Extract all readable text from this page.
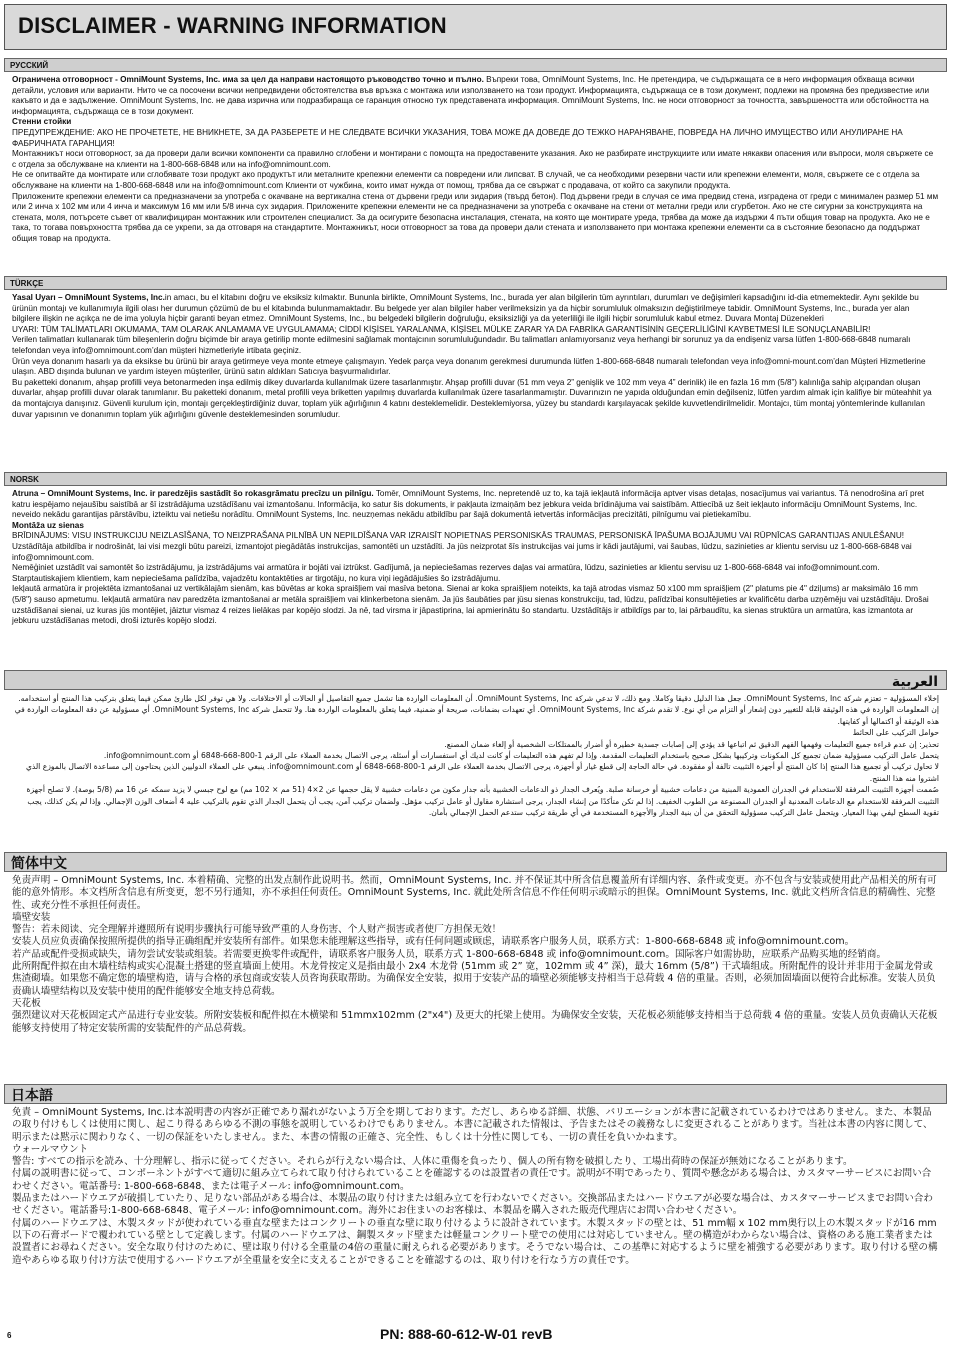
DISCLAIMER - WARNING INFORMATION
РУССКИЙ

Ограничена отговорност - OmniMount Systems, Inc. има за цел да направи настоящото ръководство точно и пълно. Въпреки това, OmniMount Systems, Inc. Не претендира, че съдържащата се в него информация обхваща всички детайли, условия или варианти. Нито че са посочени всички непредвидени обстоятелства във връзка с монтажа или използването на този продукт. Информацията, съдържаща се в този документ, подлежи на промяна без предизвестие или какъвто и да е задължение. OmniMount Systems, Inc. не дава изрична или подразбираща се гаранция относно тук представената информация. OmniMount Systems, Inc. не носи отговорност за точността, завършеността или обстойността на информацията, съдържаща се в този документ.

Стенни стойки

ПРЕДУПРЕЖДЕНИЕ: АКО НЕ ПРОЧЕТЕТЕ, НЕ ВНИКНЕТЕ, ЗА ДА РАЗБЕРЕТЕ И НЕ СЛЕДВАТЕ ВСИЧКИ УКАЗАНИЯ, ТОВА МОЖЕ ДА ДОВЕДЕ ДО ТЕЖКО НАРАНЯВАНЕ, ПОВРЕДА НА ЛИЧНО ИМУЩЕСТВО ИЛИ АНУЛИРАНЕ НА ФАБРИЧНАТА ГАРАНЦИЯ!

Монтажникът носи отговорност, за да провери дали всички компоненти са правилно сглобени и монтирани с помощта на предоставените указания. Ако не разбирате инструкциите или имате някакви опасения или въпроси, моля свържете се с отдела за обслужване на клиенти на 1-800-668-6848 или на info@omnimount.com.

Не се опитвайте да монтирате или сглобявате този продукт ако продуктът или металните крепежни елементи са повредени или липсват. В случай, че са необходими резервни части или крепежни елементи, моля, свържете се с отдела за обслужване на клиенти на 1-800-668-6848 или на info@omnimount.com Клиенти от чужбина, които имат нужда от помощ, трябва да се свържат с продавача, от който са закупили продукта.

Приложените крепежни елементи са предназначени за употреба с окачване на вертикална стена от дървени греди или зидария (твърд бетон). Под дървени греди в случая се има предвид стена, изградена от греди с минимален размер 51 мм или 2 инча x 102 мм или 4 инча и максимум 16 мм или 5/8 инча сух зидария. Приложените крепежни елементи не са предназначени за употреба с окачване на стени от метални греди или сгурбетон. Ако не сте сигурни за конструкцията на стената, моля, потърсете съвет от квалифициран монтажник или строителен специалист. За да осигурите безопасна инсталация, стената, на която ще монтирате уреда, трябва да може да издържи 4 пъти общия товар на продукта. Ако не е така, то тогава повърхността трябва да се укрепи, за да отговаря на стандартите. Монтажникът, носи отговорност за това да провери дали стената и използването при монтажа крепежни елементи са в състояние безопасно да поддържат общия товар на продукта.

TÜRKÇE

Yasal Uyarı – OmniMount Systems, Inc.in amacı, bu el kitabını doğru ve eksiksiz kılmaktır. Bununla birlikte, OmniMount Systems, Inc., burada yer alan bilgilerin tüm ayrıntıları, durumları ve değişimleri kapsadığını id-dia etmemektedir. Aynı şekilde bu ürünün montajı ve kullanımıyla ilgili olası her durumun çözümü de bu el kitabında bulunmamaktadır. Bu belgede yer alan bilgiler haber verilmeksizin ya da hiçbir sorumluluk olmaksızın değiştirilmeye tabidir. OmniMount Systems, Inc., burada yer alan bilgilere ilişkin ne açıkça ne de ima yoluyla hiçbir garanti beyan etmez. OmniMount Systems, Inc., bu belgedeki bilgilerin doğruluğu, eksiksizliği ya da yeterliliği ile ilgili hiçbir sorumluluk kabul etmez. Duvara Montaj Düzenekleri

UYARI: TÜM TALİMATLARI OKUMAMA, TAM OLARAK ANLAMAMA VE UYGULAMAMA; CİDDİ KİŞİSEL YARALANMA, KİŞİSEL MÜLKE ZARAR YA DA FABRİKA GARANTİSİNİN GEÇERLİLİĞİNİ KAYBETMESİ İLE SONUÇLANABİLİR!

Verilen talimatları kullanarak tüm bileşenlerin doğru biçimde bir araya getirilip monte edilmesini sağlamak montajcının sorumluluğundadır. Bu talimatları anlamıyorsanız veya herhangi bir sorunuz ya da endişeniz varsa lütfen 1-800-668-6848 numaralı telefondan veya info@omnimount.com’dan müşteri hizmetleriyle irtibata geçiniz.

Ürün veya donanım hasarlı ya da eksikse bu ürünü bir araya getirmeye veya monte etmeye çalışmayın. Yedek parça veya donanım gerekmesi durumunda lütfen 1-800-668-6848 numaralı telefondan veya info@omni-mount.com’dan Müşteri Hizmetlerine ulaşın. ABD dışında bulunan ve yardım isteyen müşteriler, ürünü satın aldıkları Satıcıya başvurmalıdırlar.

Bu paketteki donanım, ahşap profilli veya betonarmeden inşa edilmiş dikey duvarlarda kullanılmak üzere tasarlanmıştır. Ahşap profilli duvar (51 mm veya 2” genişlik ve 102 mm veya 4” derinlik) ile en fazla 16 mm (5/8”) kalınlığa sahip alçıpandan oluşan duvarlar, ahşap profilli duvar olarak tanımlanır. Bu paketteki donanım, metal profilli veya briketten yapılmış duvarlarda kullanılmak üzere tasarlanmamıştır. Duvarınızın ne yapıda olduğundan emin değilseniz, lütfen yardım almak için kalifiye bir müteahhit ya da montajcıya danışınız. Güvenli kurulum için, montajı gerçekleştirdiğiniz duvar, toplam yük ağırlığının 4 katını desteklemelidir. Desteklemiyorsa, yüzey bu standardı karşılayacak şekilde kuvvetlendirilmelidir. Montajcı, tüm montaj yöntemlerinde kullanılan duvar yapısının ve donanımın toplam yük ağırlığını güvenle desteklemesinden sorumludur.

NORSK

Atruna – OmniMount Systems, Inc. ir paredzējis sastādīt šo rokasgrāmatu precīzu un pilnīgu. Tomēr, OmniMount Systems, Inc. nepretendē uz to, ka tajā iekļautā informācija aptver visas detaļas, nosacījumus vai variantus. Tā nenodrošina arī pret katru iespējamo nejaušību saistībā ar šī izstrādājuma uzstādīšanu vai izmantošanu. Informācija, ko satur šis dokuments, ir pakļauta izmaiņām bez jebkura veida brīdinājuma vai saistībām. Attiecībā uz šeit iekļauto informāciju OmniMount Systems, Inc. neveido nekādu garantijas pārstāvību, izteiktu vai netiešu norādītu. OmniMount Systems, Inc. neuzņemas nekādu atbildību par šajā dokumentā ietvertās informācijas precizitāti, pilnīgumu vai pietiekamību.

Montāža uz sienas

BRĪDINĀJUMS: VISU INSTRUKCIJU NEIZLASĪŠANA, TO NEIZPRAŠANA PILNĪBĀ UN NEPILDĪŠANA VAR IZRAISĪT NOPIETNAS PERSONISKĀS TRAUMAS, PERSONISKĀ ĪPAŠUMA BOJĀJUMU VAI RŪPNĪCAS GARANTIJAS ANULĒŠANU!

Uzstādītāja atbildība ir nodrošināt, lai visi mezgli būtu pareizi, izmantojot piegādātās instrukcijas, samontēti un uzstādīti. Ja jūs neizprotat šīs instrukcijas vai jums ir kādi jautājumi, vai šaubas, lūdzu, sazinieties ar klientu servisu uz 1-800-668-6848 vai info@omnimount.com.

Nemēģiniet uzstādīt vai samontēt šo izstrādājumu, ja izstrādājums vai armatūra ir bojāti vai iztrūkst. Gadījumā, ja nepieciešamas rezerves daļas vai armatūra, lūdzu, sazinieties ar klientu servisu uz 1-800-668-6848 vai info@omnimount.com. Starptautiskajiem klientiem, kam nepieciešama palīdzība, vajadzētu kontaktēties ar tirgotāju, no kura viņi iegādājušies šo izstrādājumu.

Iekļautā armatūra ir projektēta izmantošanai uz vertikālajām sienām, kas būvētas ar koka spraišļiem vai masīva betona. Sienai ar koka spraišļiem noteikts, ka tajā atrodas vismaz 50 x100 mm spraišļiem (2" platums pie 4" dziļums) ar maksimālo 16 mm (5/8") sauso apmetumu. Iekļautā armatūra nav paredzēta izmantošanai ar metāla spraišļiem vai klinkerbetona sienām. Ja jūs šaubāties par jūsu sienas konstrukciju, tad, lūdzu, palīdzībai konsultējieties ar kvalificētu darba uzņēmēju vai uzstādītāju. Drošai uzstādīšanai sienai, uz kuras jūs montējiet, jāiztur vismaz 4 reizes lielākas par kopējo slodzi. Ja nē, tad virsma ir jāpastiprina, lai apmierinātu šo standartu. Uzstādītājs ir atbildīgs par to, lai pārbaudītu, ka sienas struktūra un armatūra, kas izmantota ar jebkuru uzstādīšanas metodi, droši izturēs kopējo slodzi.

العربية

إخلاء المسؤولية – تعتزم شركة OmniMount Systems, Inc. جعل هذا الدليل دقيقا وكاملا. ومع ذلك، لا تدعي شركة OmniMount Systems, Inc. أن المعلومات الواردة هنا تشمل جميع التفاصيل أو الحالات أو الاختلافات. ولا هي توفر لكل طارئ ممكن فيما يتعلق بتركيب هذا المنتج أو استخدامه. إن المعلومات الواردة في هذه الوثيقة قابلة للتغيير دون إشعار أو التزام من أي نوع. لا تقدم شركة OmniMount Systems, Inc. أي تعهدات بضمانات، صريحة أو ضمنية، فيما يتعلق بالمعلومات الواردة هنا. ولا تتحمل شركة OmniMount Systems, Inc. أي مسؤولية عن دقة المعلومات الواردة في هذه الوثيقة أو اكتمالها أو كفايتها.

حوامل التركيب على الحائط

تحذير: إن عدم قراءة جميع التعليمات وفهمها الفهم الدقيق ثم اتباعها قد يؤدي إلى إصابات جسدية خطيرة أو أضرار بالممتلكات الشخصية أو إلغاء ضمان المصنع.

يتحمل عامل التركيب مسؤولية ضمان تجميع كل المكونات وتركيبها بشكل صحيح باستخدام التعليمات المقدمة. وإذا لم تفهم هذه التعليمات أو كانت لديك أي استفسارات أو أسئلة، يرجى الاتصال بخدمة العملاء على الرقم 1-800-668-6848 أو info@omnimount.com.

لا تحاول تركيب أو تجميع هذا المنتج إذا كان المنتج أو أجهزة التثبيت تالفة أو مفقودة. في حالة الحاجة إلى قطع غيار أو أجهزة، يرجى الاتصال بخدمة العملاء على الرقم 1-800-668-6848 أو info@omnimount.com. ينبغي على العملاء الدوليين الذين يحتاجون إلى مساعدة الاتصال بالموزع الذي اشتروا منه هذا المنتج.

صُممت أجهزة التثبيت المرفقة للاستخدام في الجدران العمودية المبنية من دعامات خشبية أو خرسانة صلبة. ويُعرف الجدار ذو الدعامات الخشبية بأنه جدار مكون من دعامات خشبية لا يقل حجمها عن 2×4 (51 مم × 102 مم) مع لوح جبسي لا يزيد سمكه عن 16 مم (5/8 بوصة). لا تصلح أجهزة التثبيت المرفقة للاستخدام مع الدعامات المعدنية أو الجدران المصنوعة من الطوب الخفيف. إذا لم تكن متأكدًا من إنشاء الجدار، يرجى استشارة مقاول أو عامل تركيب مؤهل. ولضمان تركيب آمن، يجب أن يتحمل الجدار الذي تقوم بالتركيب عليه 4 أضعاف الوزن الإجمالي. وإذا لم يكن كذلك، يجب تقوية السطح ليفي بهذا المعيار. ويتحمل عامل التركيب مسؤولية التحقق من أن بنية الجدار والأجهزة المستخدمة في أي طريقة تركيب ستدعم الحمل الإجمالي بأمان.

简体中文

免责声明 – OmniMount Systems, Inc. 本着精确、完整的出发点制作此说明书。然而，OmniMount Systems, Inc. 并不保证其中所含信息覆盖所有详细内容、条件或变更。亦不包含与安装或使用此产品相关的所有可能的意外情形。本文档所含信息有所变更，恕不另行通知，亦不承担任何责任。OmniMount Systems, Inc. 就此处所含信息不作任何明示或暗示的担保。OmniMount Systems, Inc. 就此文档所含信息的精确性、完整性、或充分性不承担任何责任。

墙壁安装

警告：若未阅读、完全理解并遵照所有说明步骤执行可能导致严重的人身伤害、个人财产损害或者使厂方担保无效！

安装人员应负责确保按照所提供的指导正确组配并安装所有部件。如果您未能理解这些指导，或有任何问题或顾虑，请联系客户服务人员，联系方式：1-800-668-6848 或 info@omnimount.com。

若产品或配件受损或缺失，请勿尝试安装或组装。若需要更换零件或配件，请联系客户服务人员，联系方式 1-800-668-6848 或 info@omnimount.com。国际客户如需协助，应联系产品购买地的经销商。

此所附配件拟在由木墙柱结构或实心混凝土搭建的竖直墙面上使用。木龙骨按定义是指由最小 2x4 木龙骨 (51mm 或 2” 宽，102mm 或 4” 深)，最大 16mm (5/8”) 干式墙组成。所附配件的设计并非用于金属龙骨或焦渣砌墙。如果您不确定您的墙壁构造，请与合格的承包商或安装人员咨询获取帮助。为确保安全安装，拟用于安装产品的墙壁必须能够支持相当于总荷载 4 倍的重量。否则，必须加固墙面以便符合此标准。安装人员负责确认墙壁结构以及安装中使用的配件能够安全地支持总荷载。

天花板

强烈建议对天花板固定式产品进行专业安装。所附安装板和配件拟在木横梁和 51mmx102mm (2"x4") 及更大的托梁上使用。为确保安全安装，天花板必须能够支持相当于总荷载 4 倍的重量。安装人员负责确认天花板能够支持使用了特定安装所需的安装配件的产品总荷载。

日本語

免責 – OmniMount Systems, Inc.は本説明書の内容が正確であり漏れがないよう万全を期しております。ただし、あらゆる詳細、状態、バリエーションが本書に記載されているわけではありません。また、本製品の取り付けもしくは使用に関し、起こり得るあらゆる不測の事態を説明しているわけでもありません。本書に記載された情報は、予告またはその義務なしに変更されることがあります。当社は本書の内容に関して、明示または黙示に関わりなく、一切の保証をいたしません。また、本書の情報の正確さ、完全性、もしくは十分性に関しても、一切の責任を負いかねます。

ウォールマウント

警告: すべての指示を読み、十分理解し、指示に従ってください。それらが行えない場合は、人体に重傷を負ったり、個人の所有物を破損したり、工場出荷時の保証が無効になることがあります。

付属の説明書に従って、コンポーネントがすべて適切に組み立てられて取り付けられていることを確認するのは設置者の責任です。説明が不明であったり、質問や懸念がある場合は、カスタマーサービスにお問い合わせください。電話番号: 1-800-668-6848、または電子メール: info@omnimount.com。

製品またはハードウエアが破損していたり、足りない部品がある場合は、本製品の取り付けまたは組み立てを行わないでください。交換部品またはハードウエアが必要な場合は、カスタマーサービスまでお問い合わせください。電話番号:1-800-668-6848、電子メール: info@omnimount.com。海外にお住まいのお客様は、本製品を購入された販売代理店にお問い合わせください。

付属のハードウエアは、木製スタッドが使われている垂直な壁またはコンクリートの垂直な壁に取り付けるように設計されています。木製スタッドの壁とは、51 mm幅 x 102 mm奥行以上の木製スタッドが16 mm以下の石膏ボードで覆われている壁として定義します。付属のハードウエアは、鋼製スタッド壁または軽量コンクリート壁での使用には対応していません。壁の構造がわからない場合は、資格のある施工業者または設置者にお尋ねください。安全な取り付けのために、壁は取り付ける全重量の4倍の重量に耐えられる必要があります。そうでない場合は、この基準に対応するように壁を補強する必要があります。取り付ける壁の構造やあらゆる取り付け方法で使用するハードウエアが全重量を安全に支えることができることを確認するのは、取り付けを行なう方の責任です。

6	PN: 888-60-612-W-01 revB
